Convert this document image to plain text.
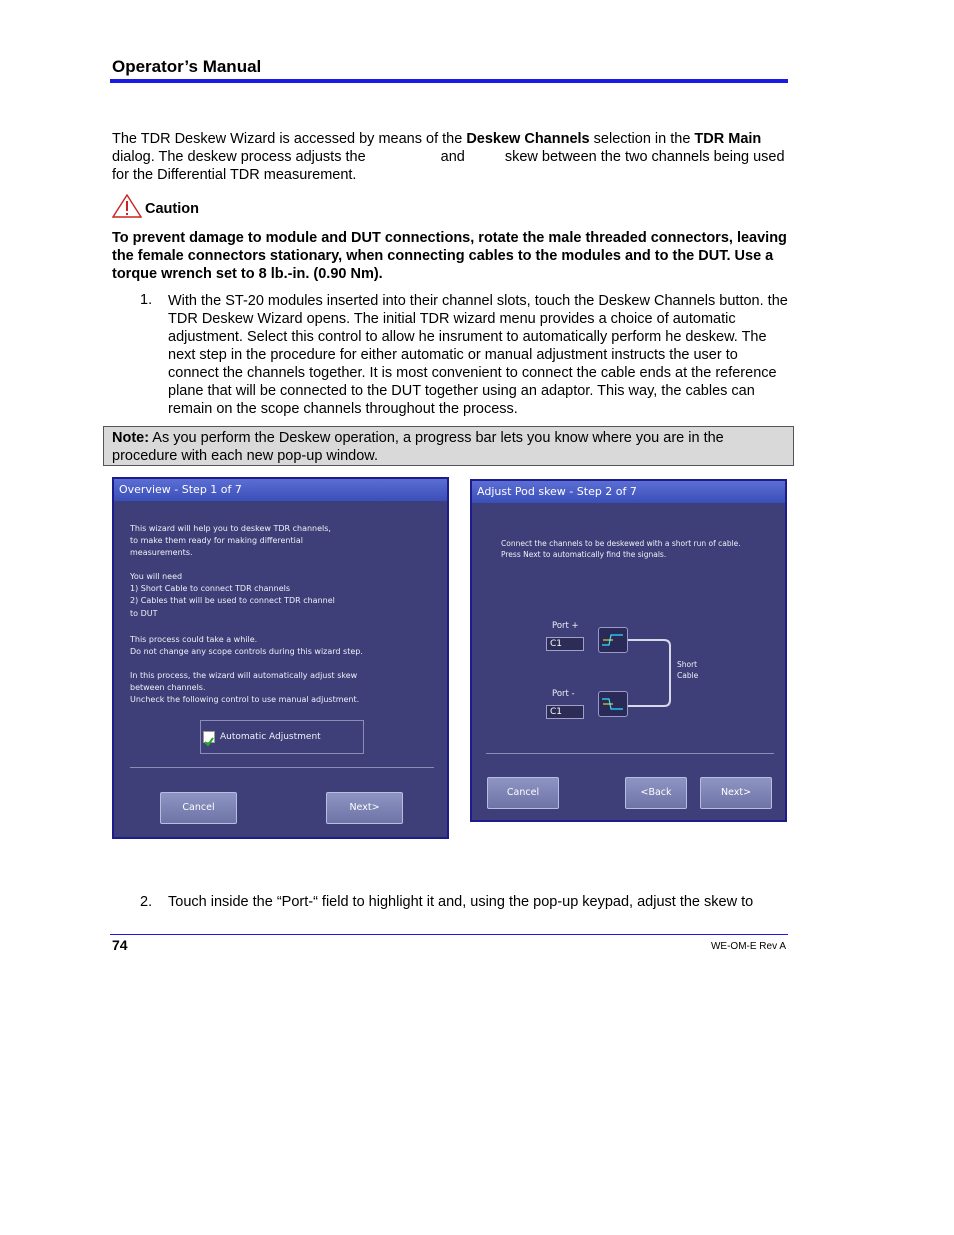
Operator’s Manual
The TDR Deskew Wizard is accessed by means of the Deskew Channels selection in the TDR Main dialog. The deskew process adjusts the	and	skew between the two channels being used for the Differential TDR measurement.
Caution
To prevent damage to module and DUT connections, rotate the male threaded connectors, leaving the female connectors stationary, when connecting cables to the modules and to the DUT. Use a torque wrench set to 8 lb.-in. (0.90 Nm).
1. With the ST-20 modules inserted into their channel slots, touch the Deskew Channels button. the TDR Deskew Wizard opens. The initial TDR wizard menu provides a choice of automatic adjustment. Select this control to allow he insrument to automatically perform he deskew. The next step in the procedure for either automatic or manual adjustment instructs the user to connect the channels together. It is most convenient to connect the cable ends at the reference plane that will be connected to the DUT together using an adaptor. This way, the cables can remain on the scope channels throughout the process.
Note: As you perform the Deskew operation, a progress bar lets you know where you are in the procedure with each new pop-up window.
Overview - Step 1 of 7
This wizard will help you to deskew TDR channels,
to make them ready for making differential
measurements.
You will need
1) Short Cable to connect TDR channels
2) Cables that will be used to connect TDR channel
to DUT
This process could take a while.
Do not change any scope controls during this wizard step.
In this process, the wizard will automatically adjust skew
between channels.
Uncheck the following control to use manual adjustment.
Automatic Adjustment
Cancel	Next>
Adjust Pod skew - Step 2 of 7
Connect the channels to be deskewed with a short run of cable.
Press Next to automatically find the signals.
Port +
C1
Port -
C1
Short
Cable
Cancel	<Back	Next>
2. Touch inside the “Port-“ field to highlight it and, using the pop-up keypad, adjust the skew to
74	WE-OM-E Rev A
